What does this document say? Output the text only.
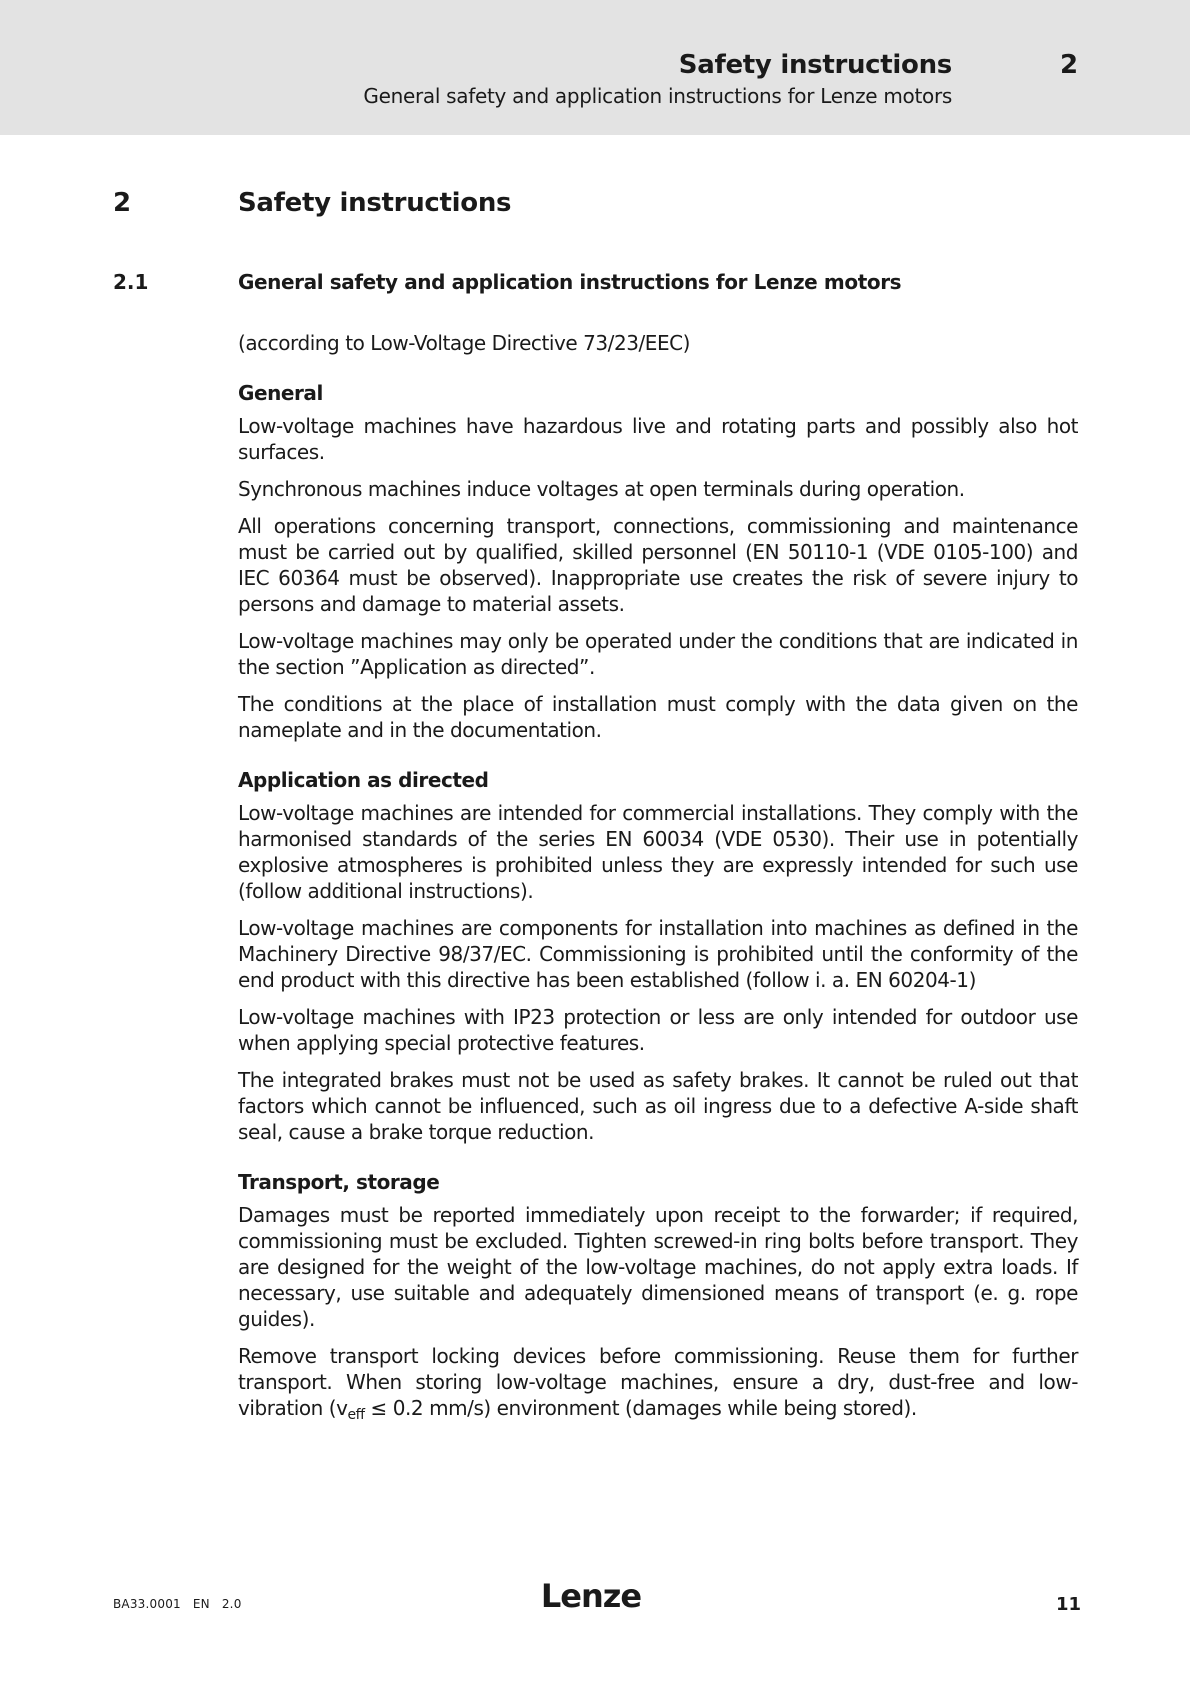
Safety instructions	2
General safety and application instructions for Lenze motors
2	Safety instructions
2.1	General safety and application instructions for Lenze motors

(according to Low-Voltage Directive 73/23/EEC)

General

Low-voltage machines have hazardous live and rotating parts and possibly also hot surfaces.

Synchronous machines induce voltages at open terminals during operation.

All operations concerning transport, connections, commissioning and maintenance must be carried out by qualified, skilled personnel (EN 50110-1 (VDE 0105-100) and IEC 60364 must be observed). Inappropriate use creates the risk of severe injury to persons and damage to material assets.

Low-voltage machines may only be operated under the conditions that are indicated in the section ”Application as directed”.

The conditions at the place of installation must comply with the data given on the nameplate and in the documentation.

Application as directed

Low-voltage machines are intended for commercial installations. They comply with the harmonised standards of the series EN 60034 (VDE 0530). Their use in potentially explosive atmospheres is prohibited unless they are expressly intended for such use (follow additional instructions).

Low-voltage machines are components for installation into machines as defined in the Machinery Directive 98/37/EC. Commissioning is prohibited until the conformity of the end product with this directive has been established (follow i. a. EN 60204-1)

Low-voltage machines with IP23 protection or less are only intended for outdoor use when applying special protective features.

The integrated brakes must not be used as safety brakes. It cannot be ruled out that factors which cannot be influenced, such as oil ingress due to a defective A-side shaft seal, cause a brake torque reduction.

Transport, storage

Damages must be reported immediately upon receipt to the forwarder; if required, commissioning must be excluded. Tighten screwed-in ring bolts before transport. They are designed for the weight of the low-voltage machines, do not apply extra loads. If necessary, use suitable and adequately dimensioned means of transport (e. g. rope guides).

Remove transport locking devices before commissioning. Reuse them for further transport. When storing low-voltage machines, ensure a dry, dust-free and low-vibration ($v_{eff} \le 0.2$ mm/s) environment (damages while being stored).

BA33.0001 EN 2.0	Lenze	11
